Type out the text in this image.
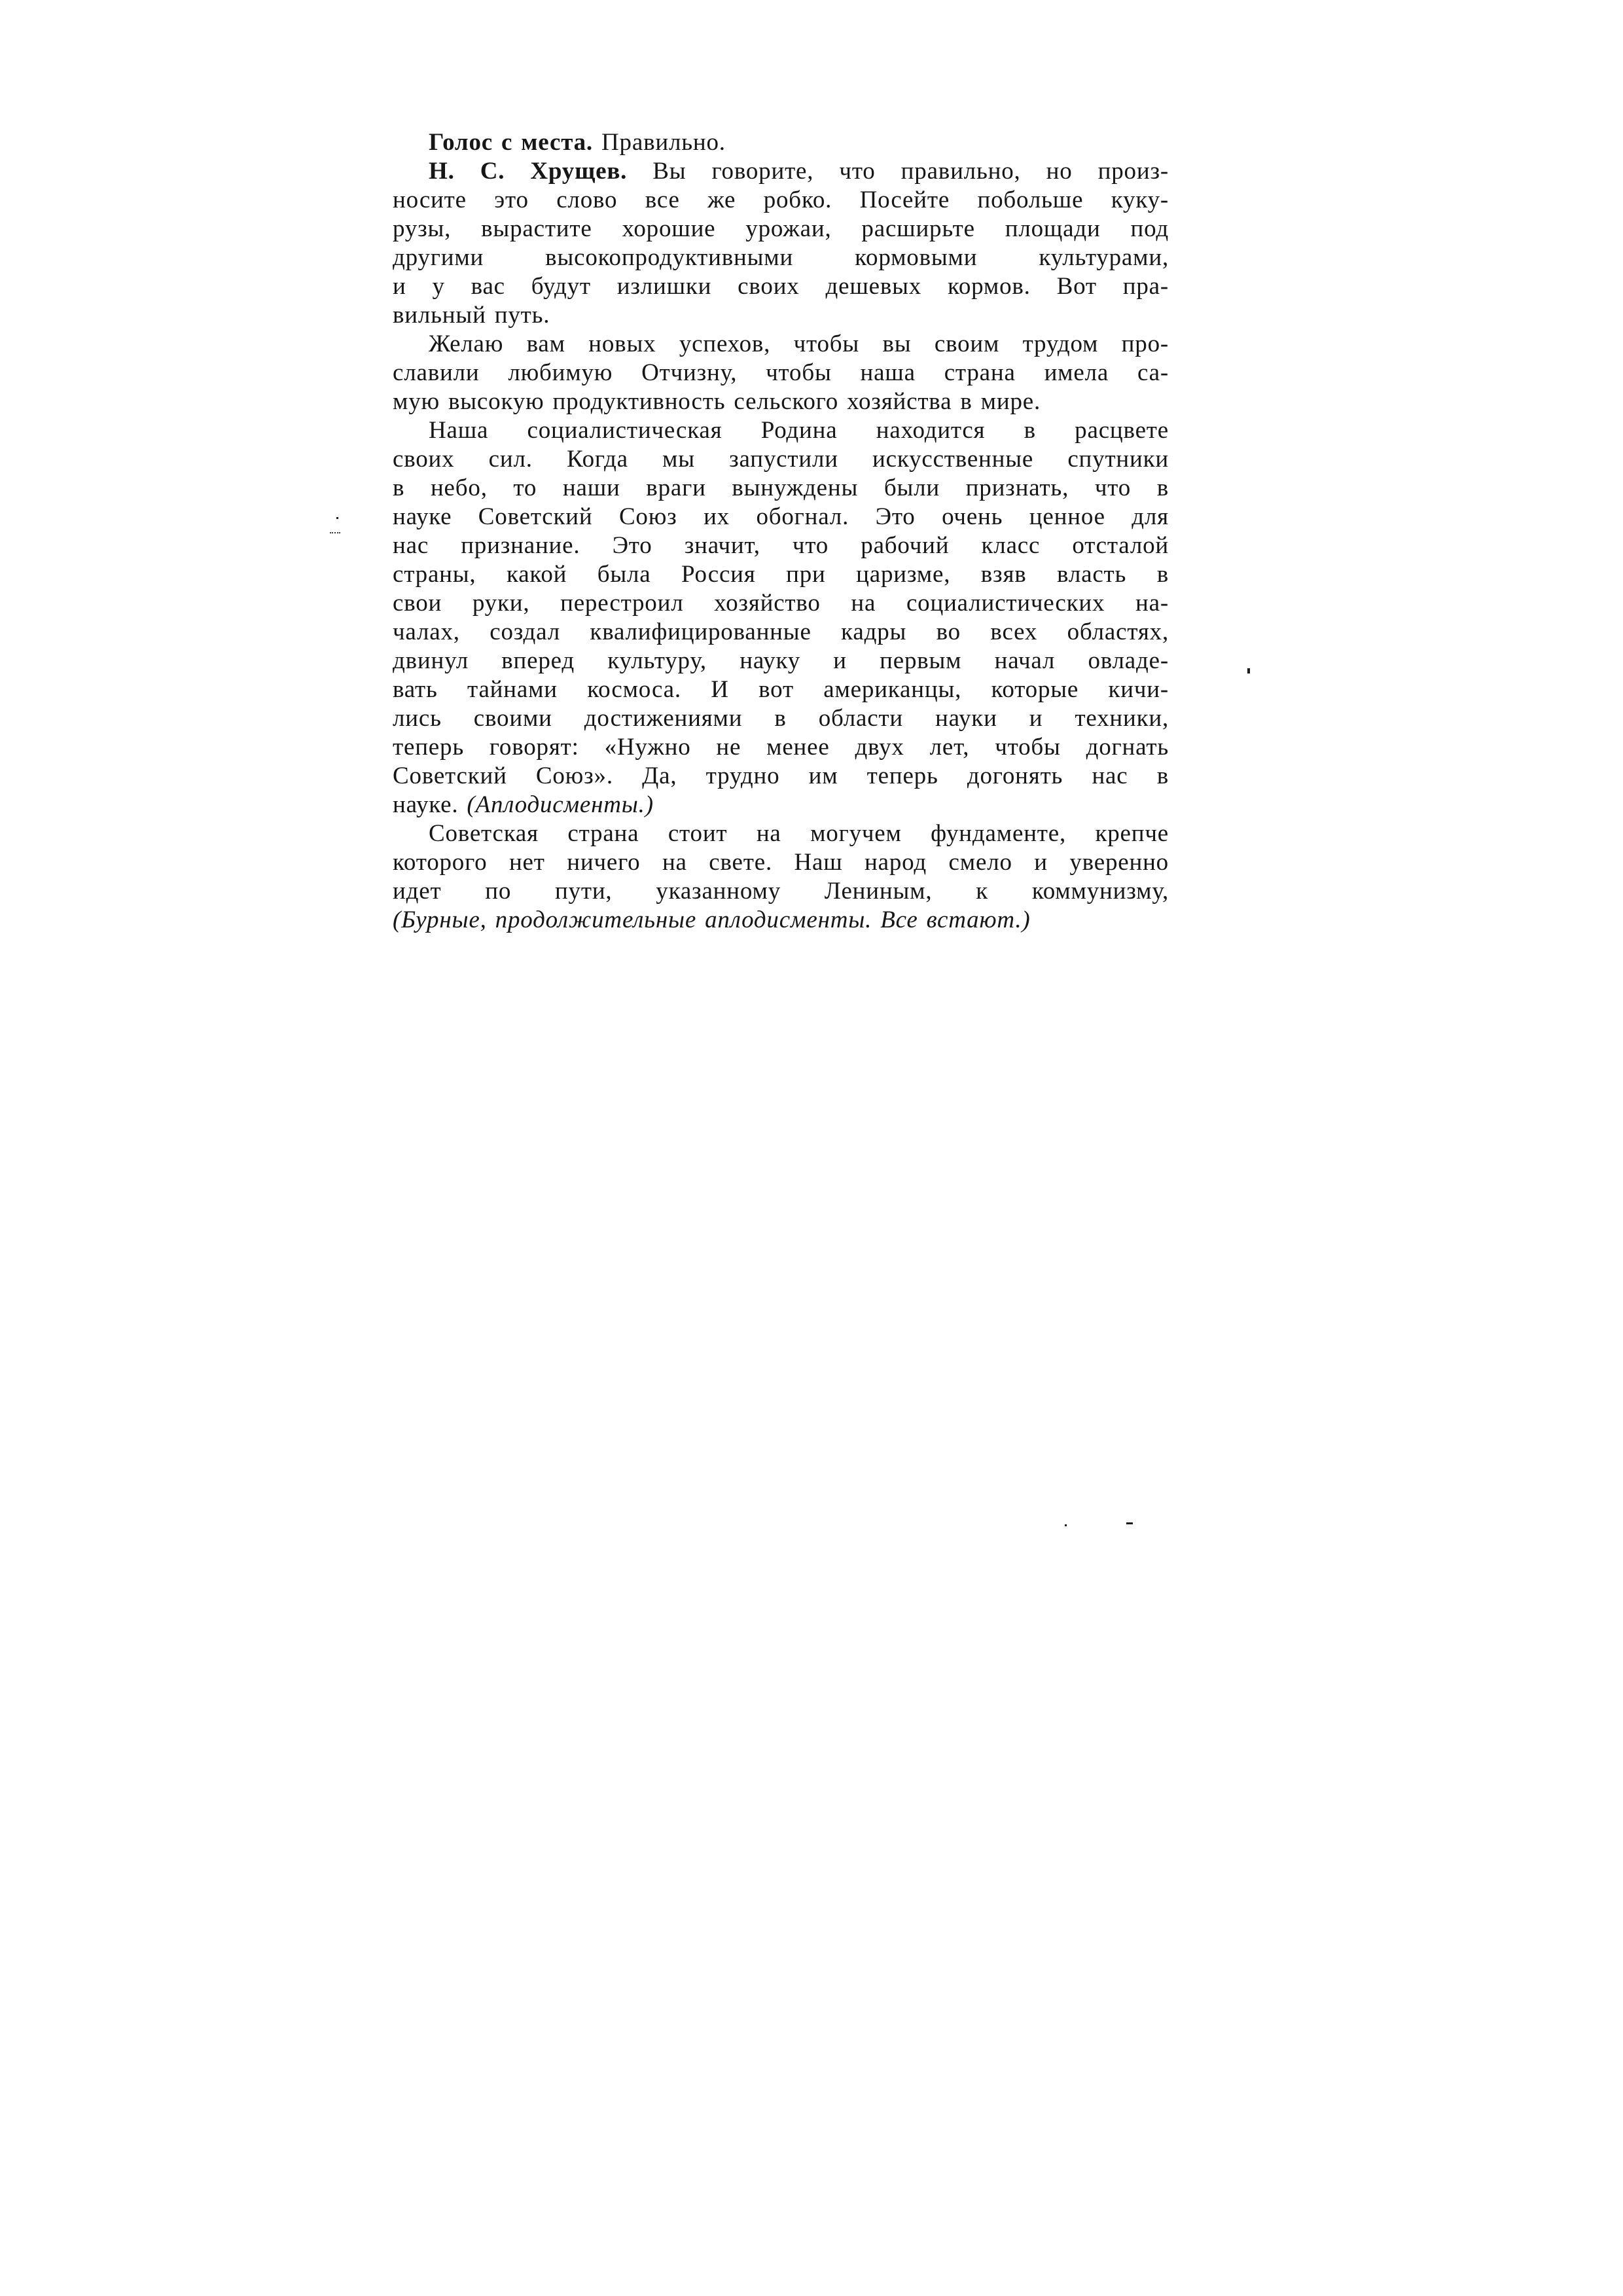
Голос с места. Правильно.
Н. С. Хрущев. Вы говорите, что правильно, но произ-
носите это слово все же робко. Посейте побольше куку-
рузы, вырастите хорошие урожаи, расширьте площади под
другими высокопродуктивными кормовыми культурами,
и у вас будут излишки своих дешевых кормов. Вот пра-
вильный путь.
Желаю вам новых успехов, чтобы вы своим трудом про-
славили любимую Отчизну, чтобы наша страна имела са-
мую высокую продуктивность сельского хозяйства в мире.
Наша социалистическая Родина находится в расцвете
своих сил. Когда мы запустили искусственные спутники
в небо, то наши враги вынуждены были признать, что в
науке Советский Союз их обогнал. Это очень ценное для
нас признание. Это значит, что рабочий класс отсталой
страны, какой была Россия при царизме, взяв власть в
свои руки, перестроил хозяйство на социалистических на-
чалах, создал квалифицированные кадры во всех областях,
двинул вперед культуру, науку и первым начал овладе-
вать тайнами космоса. И вот американцы, которые кичи-
лись своими достижениями в области науки и техники,
теперь говорят: «Нужно не менее двух лет, чтобы догнать
Советский Союз». Да, трудно им теперь догонять нас в
науке. (Аплодисменты.)
Советская страна стоит на могучем фундаменте, крепче
которого нет ничего на свете. Наш народ смело и уверенно
идет по пути, указанному Лениным, к коммунизму,
(Бурные, продолжительные аплодисменты. Все встают.)
